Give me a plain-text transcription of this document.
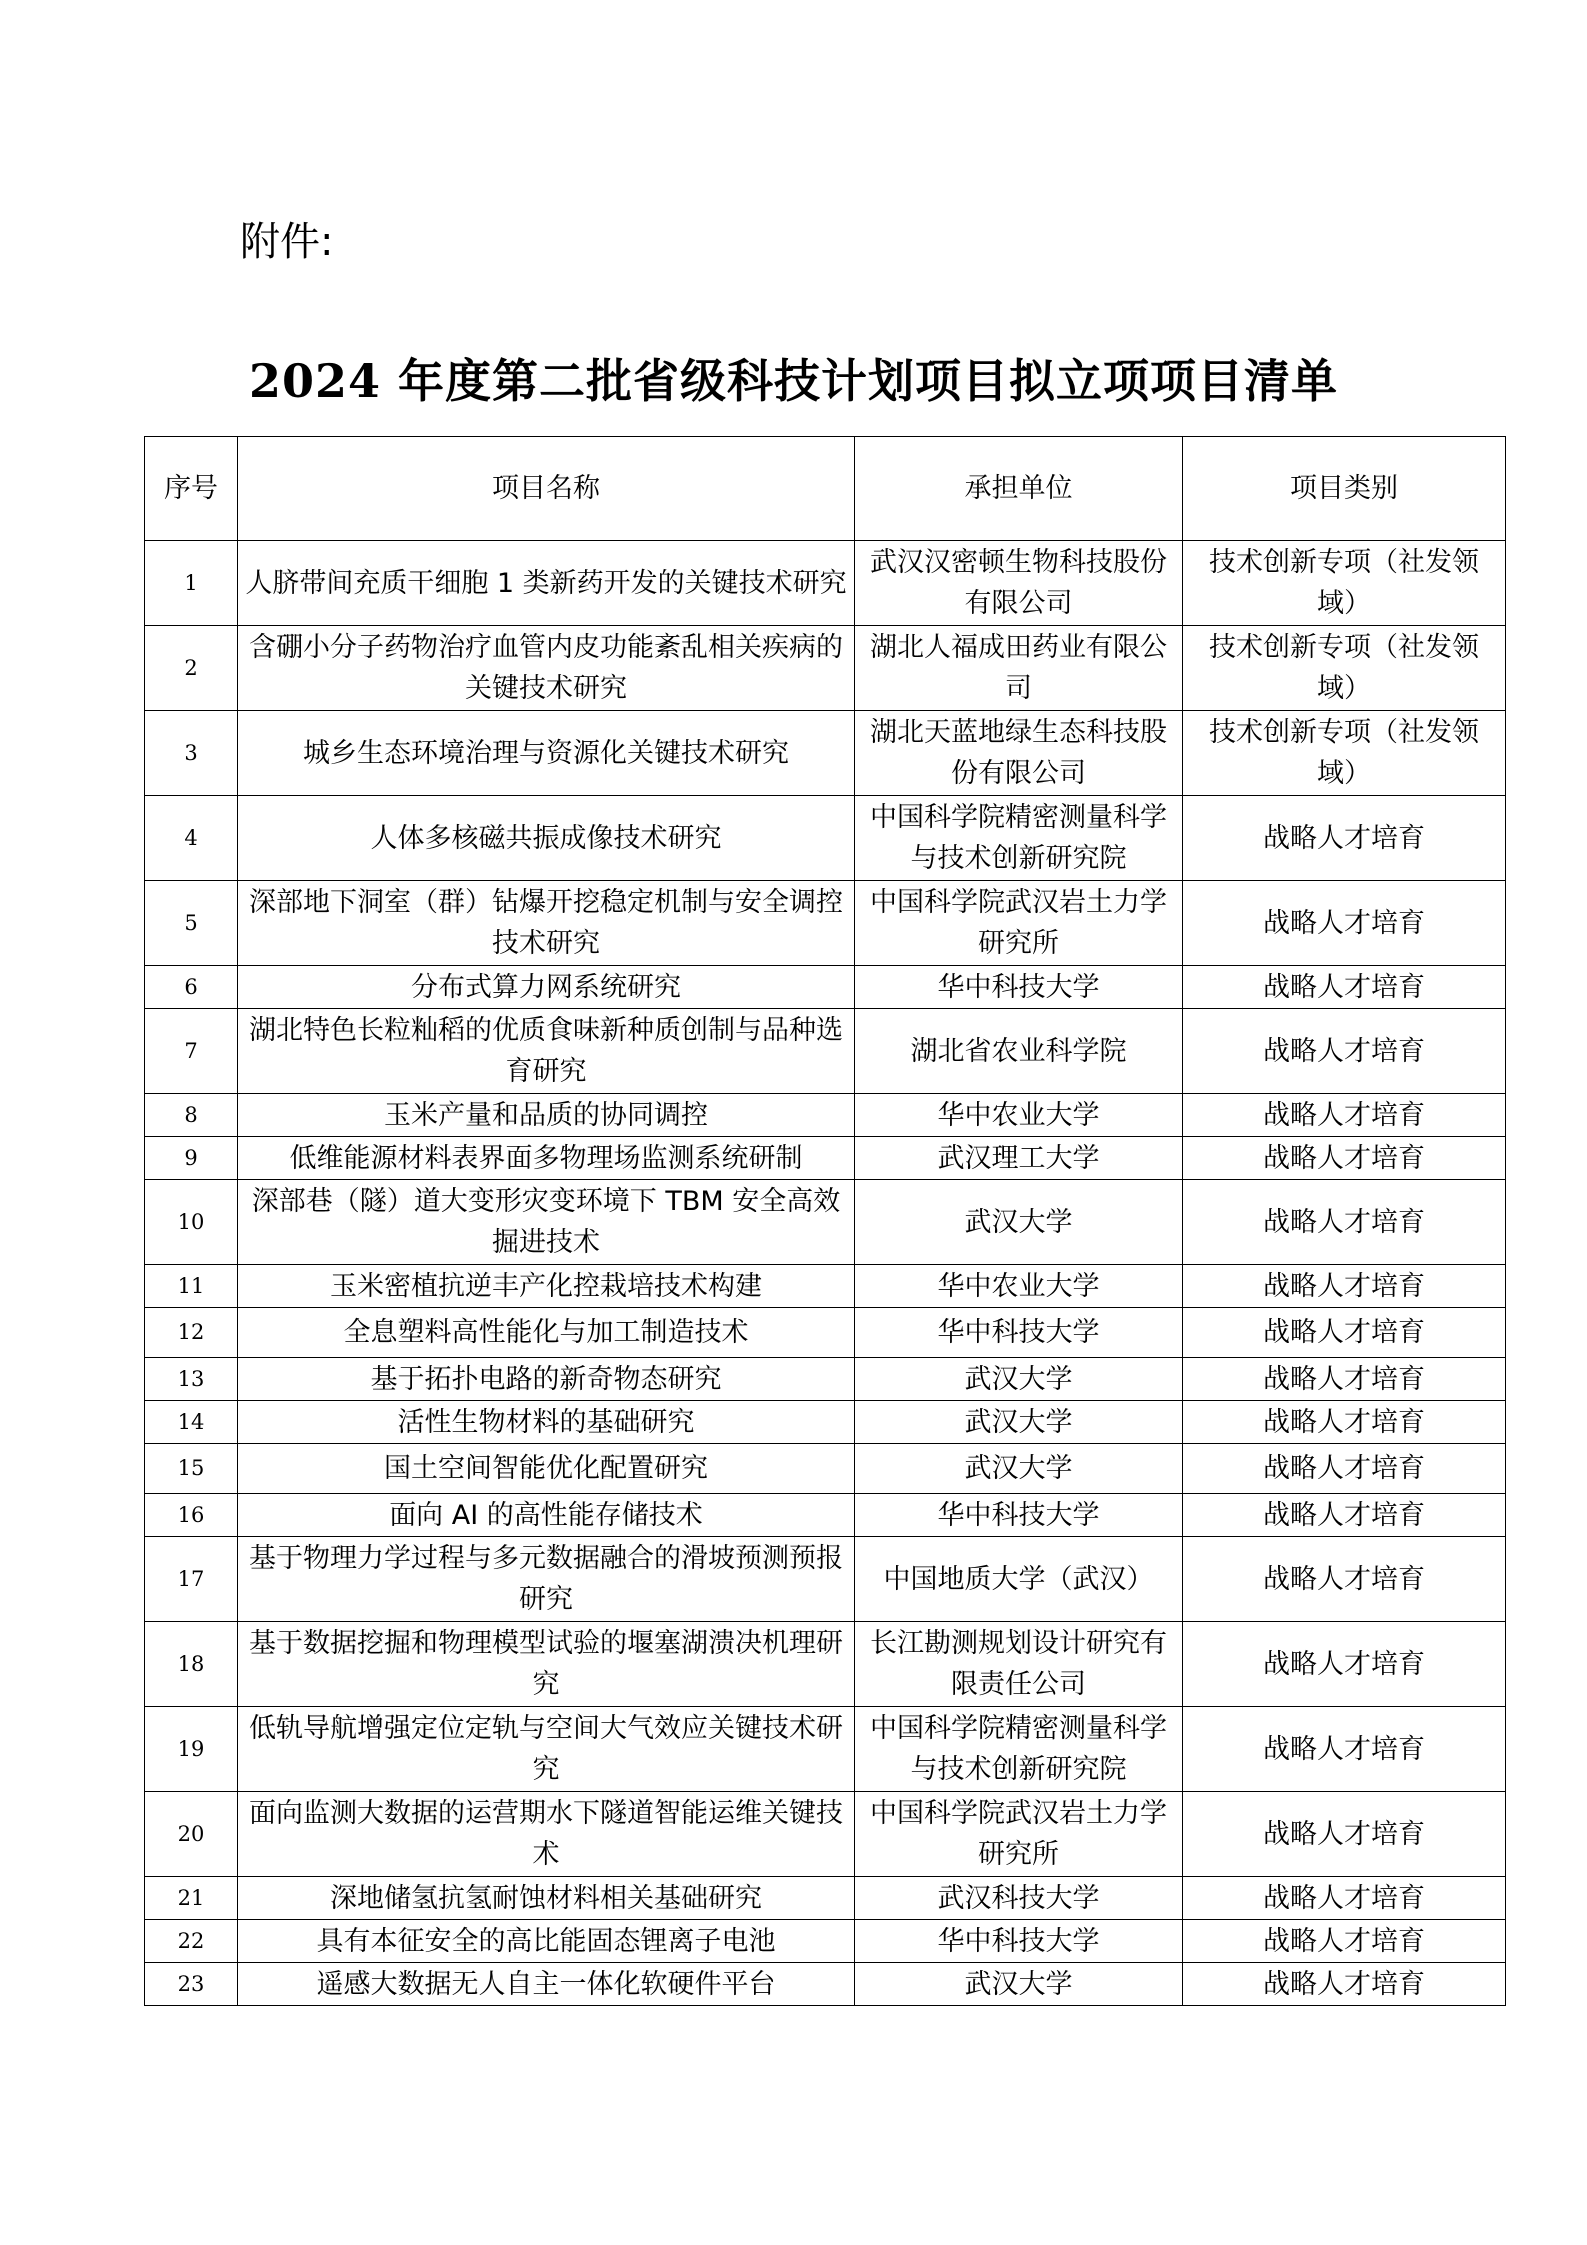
附件:
2024 年度第二批省级科技计划项目拟立项项目清单
序号	项目名称	承担单位	项目类别
1	人脐带间充质干细胞 1 类新药开发的关键技术研究	武汉汉密顿生物科技股份有限公司	技术创新专项（社发领域）
2	含硼小分子药物治疗血管内皮功能紊乱相关疾病的关键技术研究	湖北人福成田药业有限公司	技术创新专项（社发领域）
3	城乡生态环境治理与资源化关键技术研究	湖北天蓝地绿生态科技股份有限公司	技术创新专项（社发领域）
4	人体多核磁共振成像技术研究	中国科学院精密测量科学与技术创新研究院	战略人才培育
5	深部地下洞室（群）钻爆开挖稳定机制与安全调控技术研究	中国科学院武汉岩土力学研究所	战略人才培育
6	分布式算力网系统研究	华中科技大学	战略人才培育
7	湖北特色长粒籼稻的优质食味新种质创制与品种选育研究	湖北省农业科学院	战略人才培育
8	玉米产量和品质的协同调控	华中农业大学	战略人才培育
9	低维能源材料表界面多物理场监测系统研制	武汉理工大学	战略人才培育
10	深部巷（隧）道大变形灾变环境下 TBM 安全高效掘进技术	武汉大学	战略人才培育
11	玉米密植抗逆丰产化控栽培技术构建	华中农业大学	战略人才培育
12	全息塑料高性能化与加工制造技术	华中科技大学	战略人才培育
13	基于拓扑电路的新奇物态研究	武汉大学	战略人才培育
14	活性生物材料的基础研究	武汉大学	战略人才培育
15	国土空间智能优化配置研究	武汉大学	战略人才培育
16	面向 AI 的高性能存储技术	华中科技大学	战略人才培育
17	基于物理力学过程与多元数据融合的滑坡预测预报研究	中国地质大学（武汉）	战略人才培育
18	基于数据挖掘和物理模型试验的堰塞湖溃决机理研究	长江勘测规划设计研究有限责任公司	战略人才培育
19	低轨导航增强定位定轨与空间大气效应关键技术研究	中国科学院精密测量科学与技术创新研究院	战略人才培育
20	面向监测大数据的运营期水下隧道智能运维关键技术	中国科学院武汉岩土力学研究所	战略人才培育
21	深地储氢抗氢耐蚀材料相关基础研究	武汉科技大学	战略人才培育
22	具有本征安全的高比能固态锂离子电池	华中科技大学	战略人才培育
23	遥感大数据无人自主一体化软硬件平台	武汉大学	战略人才培育
